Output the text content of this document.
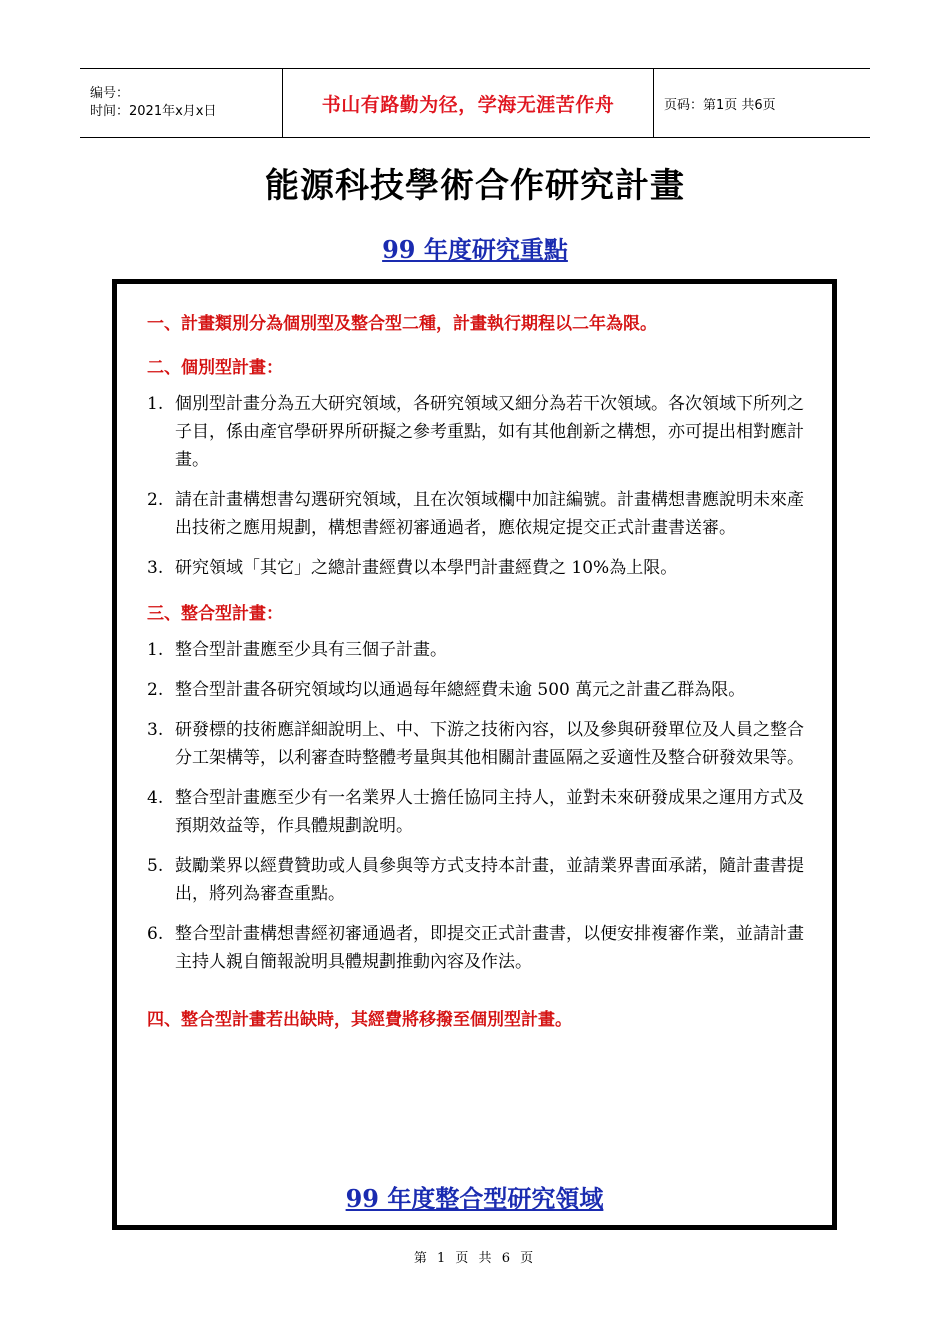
编号：
时间：2021年x月x日	书山有路勤为径，学海无涯苦作舟	页码：第1页 共6页
能源科技學術合作研究計畫
99 年度研究重點
一、計畫類別分為個別型及整合型二種，計畫執行期程以二年為限。
二、個別型計畫：
1. 個別型計畫分為五大研究領域，各研究領域又細分為若干次領域。各次領域下所列之子目，係由產官學研界所研擬之參考重點，如有其他創新之構想，亦可提出相對應計畫。
2. 請在計畫構想書勾選研究領域，且在次領域欄中加註編號。計畫構想書應說明未來產出技術之應用規劃，構想書經初審通過者，應依規定提交正式計畫書送審。
3. 研究領域「其它」之總計畫經費以本學門計畫經費之 10%為上限。
三、整合型計畫：
1. 整合型計畫應至少具有三個子計畫。
2. 整合型計畫各研究領域均以通過每年總經費未逾 500 萬元之計畫乙群為限。
3. 研發標的技術應詳細說明上、中、下游之技術內容，以及參與研發單位及人員之整合分工架構等，以利審查時整體考量與其他相關計畫區隔之妥適性及整合研發效果等。
4. 整合型計畫應至少有一名業界人士擔任協同主持人，並對未來研發成果之運用方式及預期效益等，作具體規劃說明。
5. 鼓勵業界以經費贊助或人員參與等方式支持本計畫，並請業界書面承諾，隨計畫書提出，將列為審查重點。
6. 整合型計畫構想書經初審通過者，即提交正式計畫書，以便安排複審作業，並請計畫主持人親自簡報說明具體規劃推動內容及作法。
四、整合型計畫若出缺時，其經費將移撥至個別型計畫。
99 年度整合型研究領域
第 1 页 共 6 页
